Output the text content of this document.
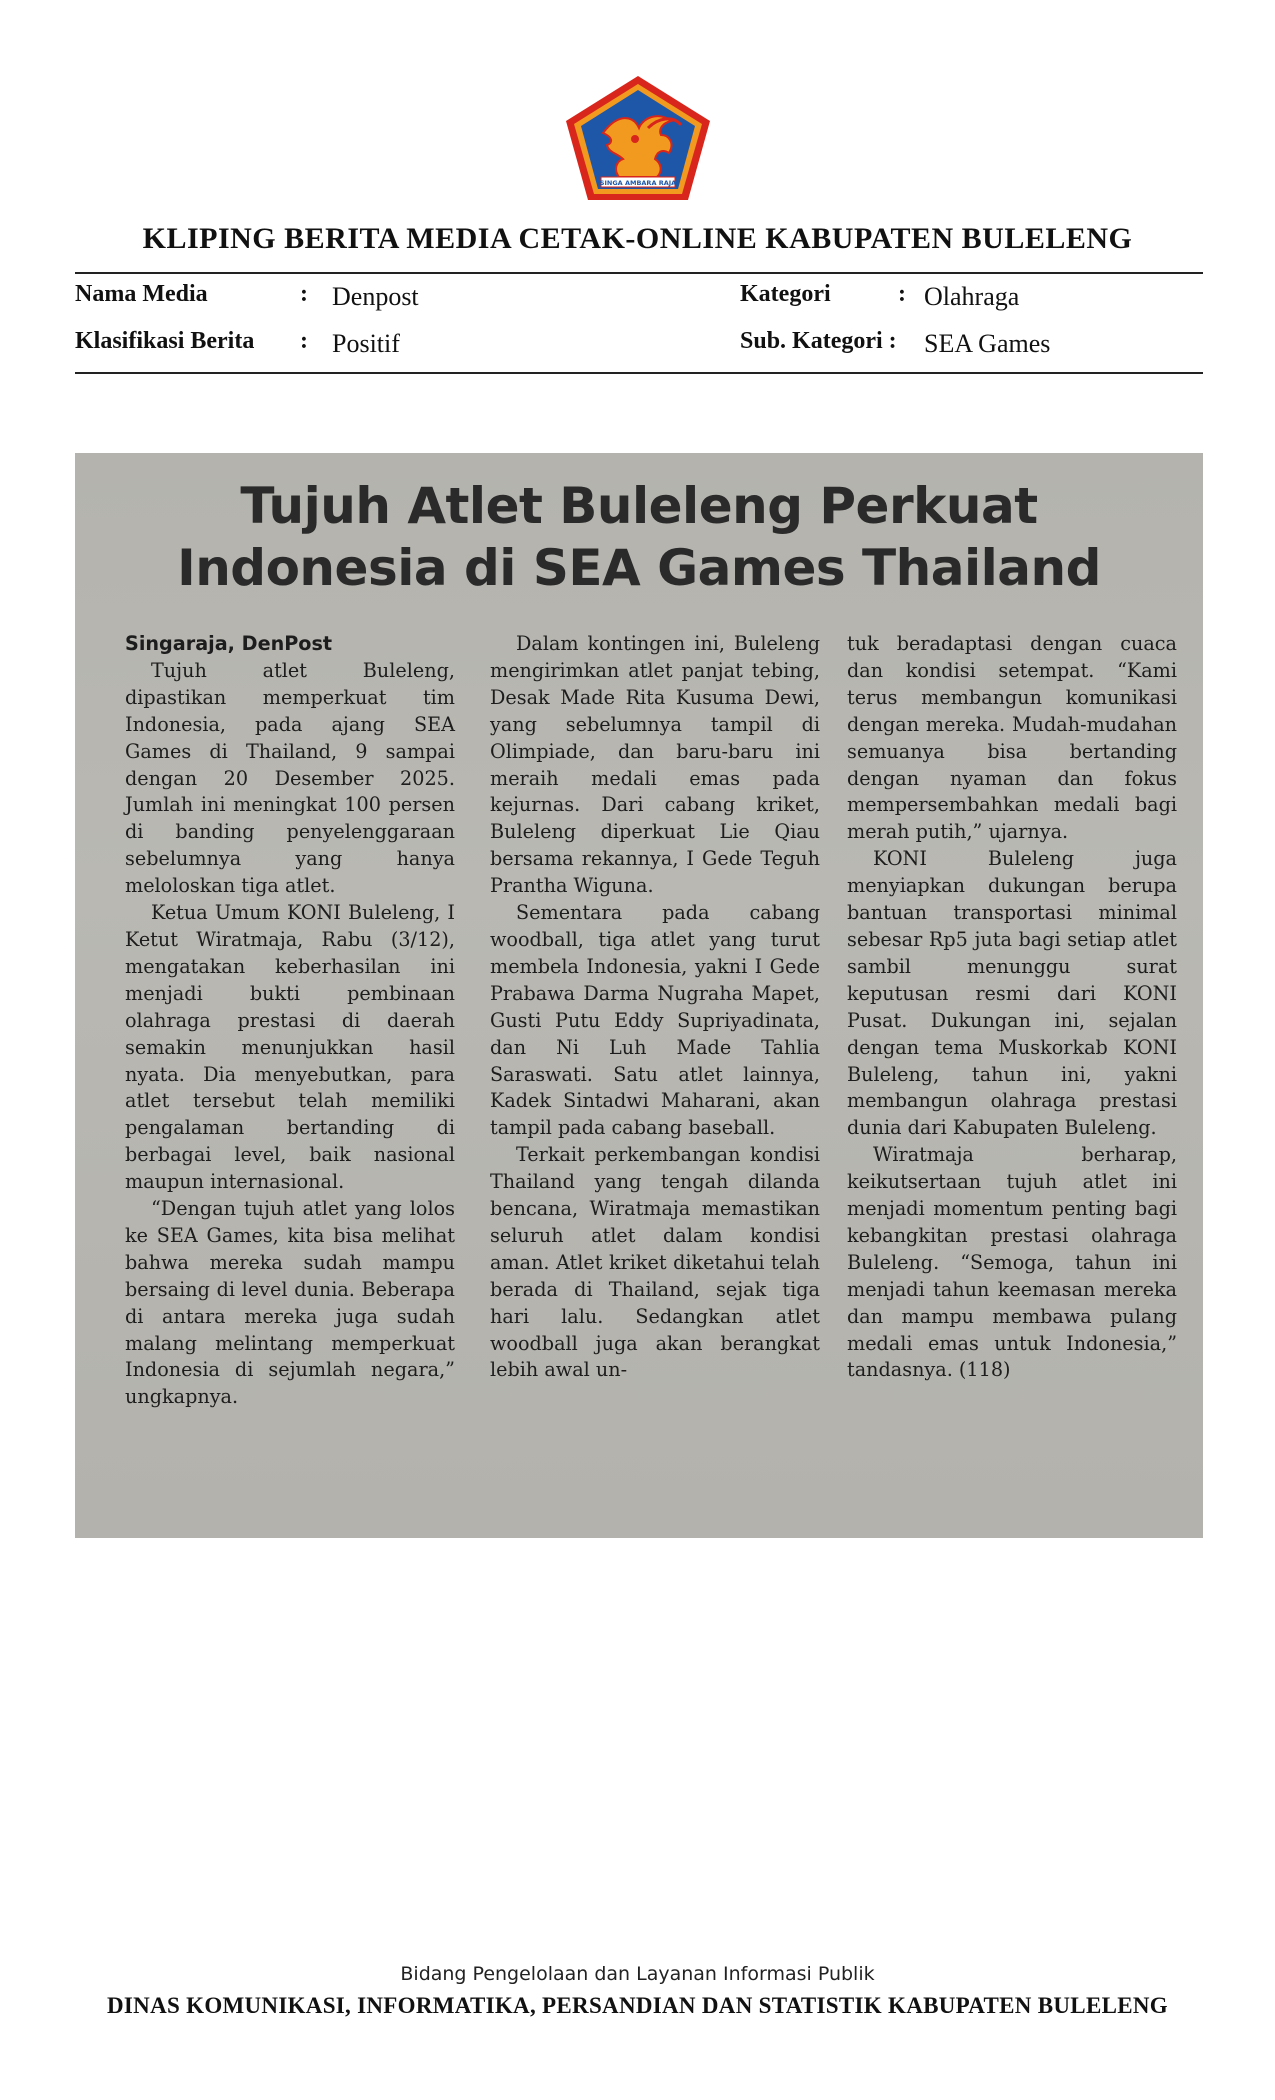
SINGA AMBARA RAJA
KLIPING BERITA MEDIA CETAK-ONLINE KABUPATEN BULELENG
Nama Media	: Denpost
Klasifikasi Berita : Positif
Kategori	: Olahraga
Sub. Kategori : SEA Games
Tujuh Atlet Buleleng Perkuat
Indonesia di SEA Games Thailand
Singaraja, DenPost

Tujuh atlet Buleleng, dipastikan memperkuat tim Indonesia, pada ajang SEA Games di Thailand, 9 sampai dengan 20 Desember 2025. Jumlah ini meningkat 100 persen di banding penyelenggaraan sebelumnya yang hanya meloloskan tiga atlet.

Ketua Umum KONI Buleleng, I Ketut Wiratmaja, Rabu (3/12), mengatakan keberhasilan ini menjadi bukti pembinaan olahraga prestasi di daerah semakin menunjukkan hasil nyata. Dia menyebutkan, para atlet tersebut telah memiliki pengalaman bertanding di berbagai level, baik nasional maupun internasional.

“Dengan tujuh atlet yang lolos ke SEA Games, kita bisa melihat bahwa mereka sudah mampu bersaing di level dunia. Beberapa di antara mereka juga sudah malang melintang memperkuat Indonesia di sejumlah negara,” ungkapnya.

Dalam kontingen ini, Buleleng mengirimkan atlet panjat tebing, Desak Made Rita Kusuma Dewi, yang sebelumnya tampil di Olimpiade, dan baru-baru ini meraih medali emas pada kejurnas. Dari cabang kriket, Buleleng diperkuat Lie Qiau bersama rekannya, I Gede Teguh Prantha Wiguna.

Sementara pada cabang woodball, tiga atlet yang turut membela Indonesia, yakni I Gede Prabawa Darma Nugraha Mapet, Gusti Putu Eddy Supriyadinata, dan Ni Luh Made Tahlia Saraswati. Satu atlet lainnya, Kadek Sintadwi Maharani, akan tampil pada cabang baseball.

Terkait perkembangan kondisi Thailand yang tengah dilanda bencana, Wiratmaja memastikan seluruh atlet dalam kondisi aman. Atlet kriket diketahui telah berada di Thailand, sejak tiga hari lalu. Sedangkan atlet woodball juga akan berangkat lebih awal un-

tuk beradaptasi dengan cuaca dan kondisi setempat. “Kami terus membangun komunikasi dengan mereka. Mudah-mudahan semuanya bisa bertanding dengan nyaman dan fokus mempersembahkan medali bagi merah putih,” ujarnya.

KONI Buleleng juga menyiapkan dukungan berupa bantuan transportasi minimal sebesar Rp5 juta bagi setiap atlet sambil menunggu surat keputusan resmi dari KONI Pusat. Dukungan ini, sejalan dengan tema Muskorkab KONI Buleleng, tahun ini, yakni membangun olahraga prestasi dunia dari Kabupaten Buleleng.

Wiratmaja berharap, keikutsertaan tujuh atlet ini menjadi momentum penting bagi kebangkitan prestasi olahraga Buleleng. “Semoga, tahun ini menjadi tahun keemasan mereka dan mampu membawa pulang medali emas untuk Indonesia,” tandasnya. (118)

Bidang Pengelolaan dan Layanan Informasi Publik
DINAS KOMUNIKASI, INFORMATIKA, PERSANDIAN DAN STATISTIK KABUPATEN BULELENG
